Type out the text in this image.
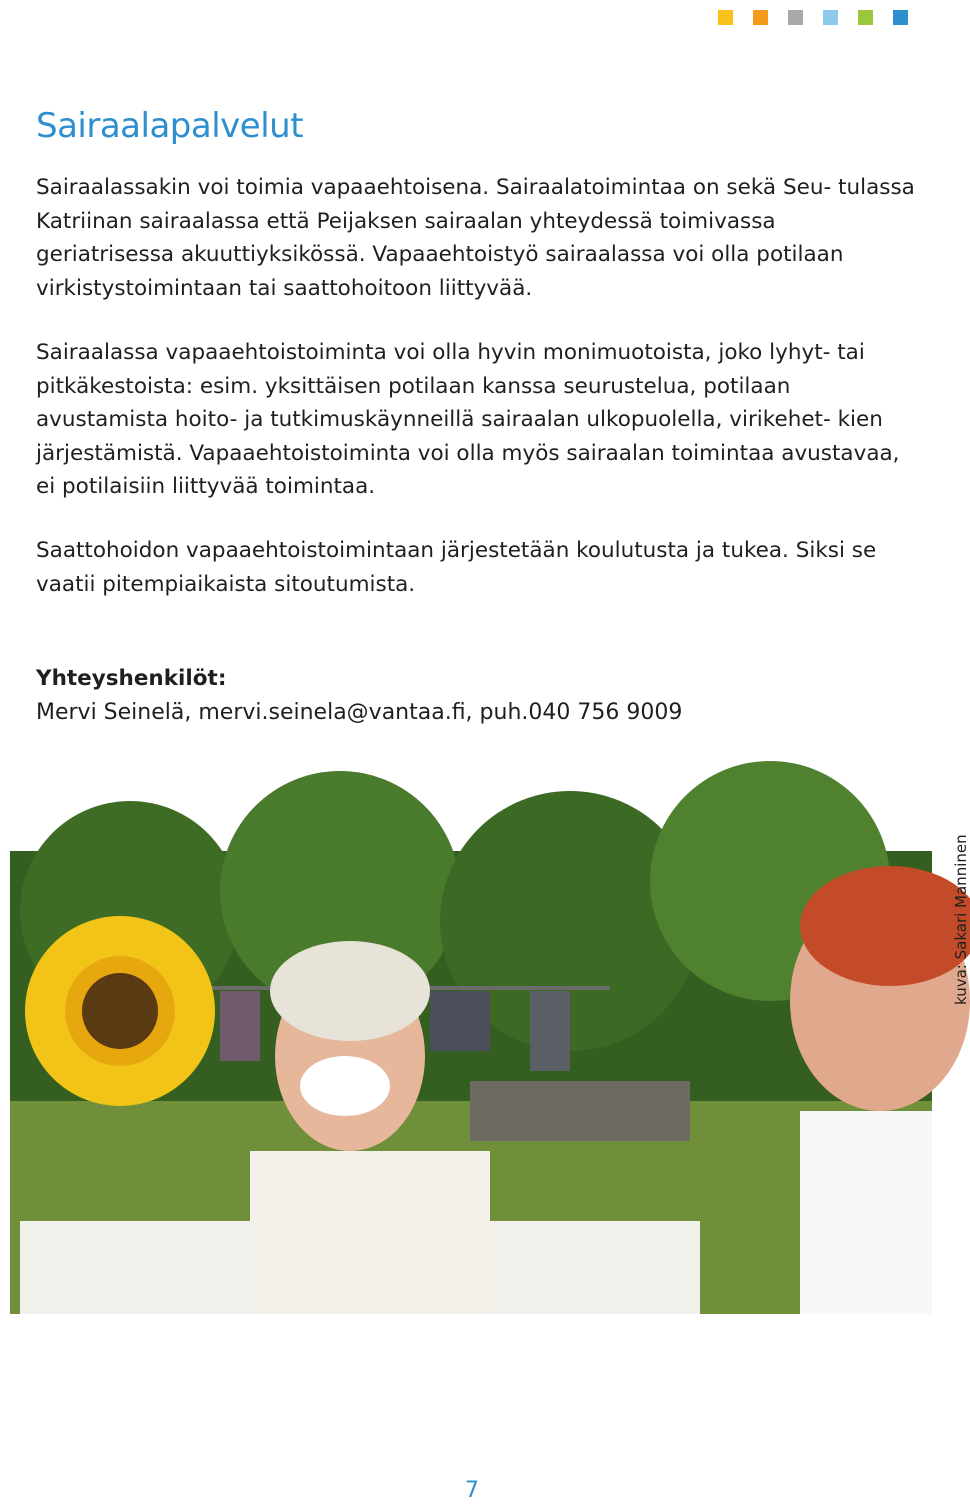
Sairaalapalvelut

Sairaalassakin voi toimia vapaaehtoisena. Sairaalatoimintaa on sekä Seu- tulassa Katriinan sairaalassa että Peijaksen sairaalan yhteydessä toimivassa geriatrisessa akuuttiyksikössä. Vapaaehtoistyö sairaalassa voi olla potilaan virkistystoimintaan tai saattohoitoon liittyvää.

Sairaalassa vapaaehtoistoiminta voi olla hyvin monimuotoista, joko lyhyt- tai pitkäkestoista: esim. yksittäisen potilaan kanssa seurustelua, potilaan avustamista hoito- ja tutkimuskäynneillä sairaalan ulkopuolella, virikehet- kien järjestämistä. Vapaaehtoistoiminta voi olla myös sairaalan toimintaa avustavaa, ei potilaisiin liittyvää toimintaa.

Saattohoidon vapaaehtoistoimintaan järjestetään koulutusta ja tukea. Siksi se vaatii pitempiaikaista sitoutumista.

Yhteyshenkilöt:

Mervi Seinelä, mervi.seinela@vantaa.fi, puh.040 756 9009

kuva: Sakari Manninen
7
